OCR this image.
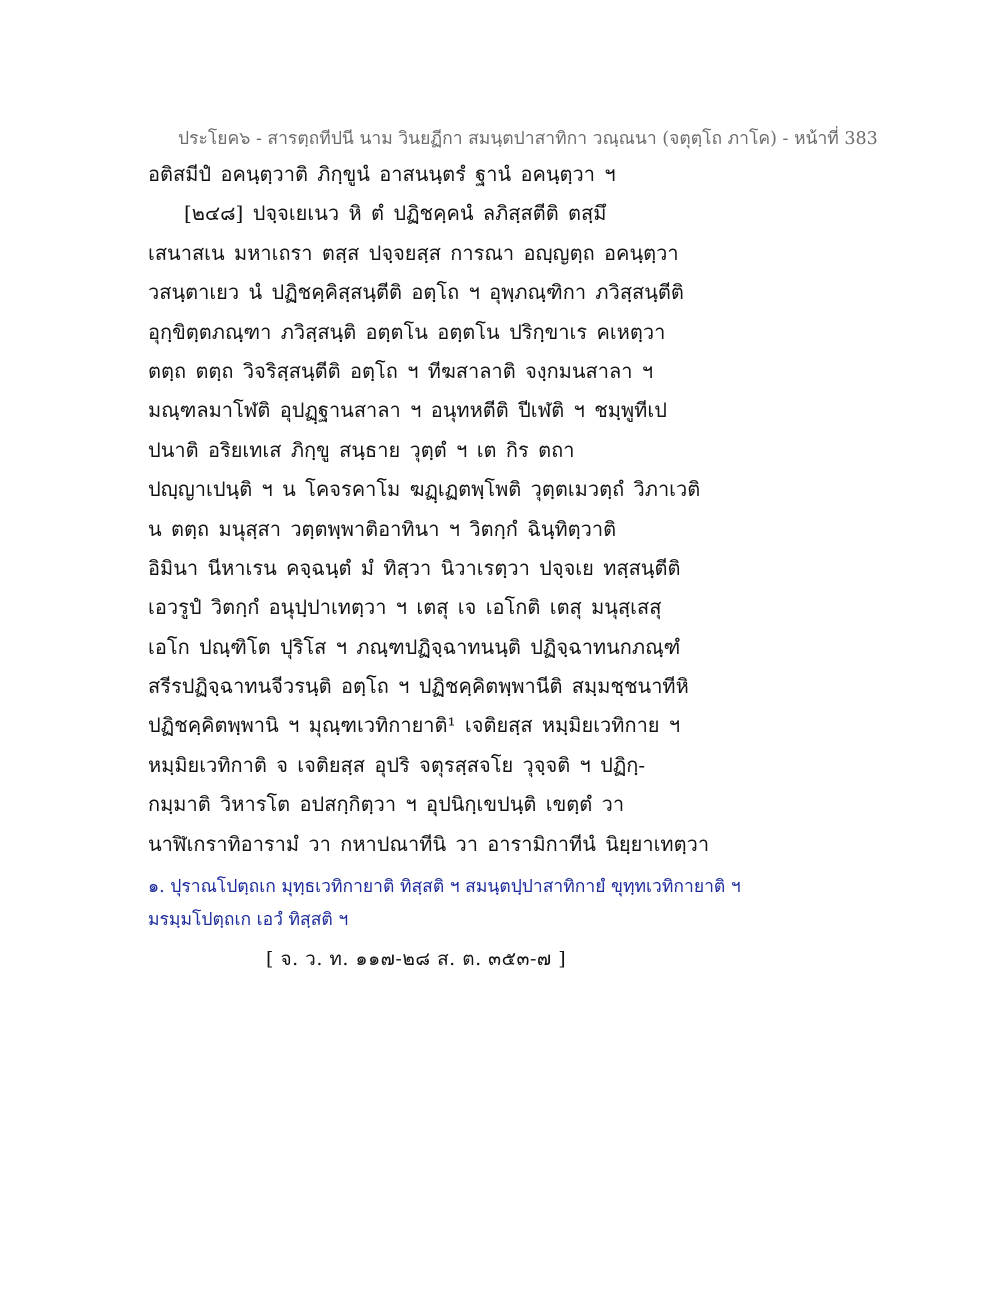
ประโยค๖ - สารตฺถทีปนี นาม วินยฏีกา สมนฺตปาสาทิกา วณฺณนา (จตุตฺโถ ภาโค) - หน้าที่ 383
อติสมีปํ อคนฺตฺวาติ ภิกฺขูนํ อาสนนฺตรํ ฐานํ อคนฺตฺวา ฯ
[๒๔๘] ปจฺจเยเนว หิ ตํ ปฏิชคฺคนํ ลภิสฺสตีติ ตสฺมึ
เสนาสเน มหาเถรา ตสฺส ปจฺจยสฺส การณา อญฺญตฺถ อคนฺตฺวา
วสนฺตาเยว นํ ปฏิชคฺคิสฺสนฺตีติ อตฺโถ ฯ อุพฺภณฺฑิกา ภวิสฺสนฺตีติ
อุกฺขิตฺตภณฺฑา ภวิสฺสนฺติ อตฺตโน อตฺตโน ปริกฺขาเร คเหตฺวา
ตตฺถ ตตฺถ วิจริสฺสนฺตีติ อตฺโถ ฯ ทีฆสาลาติ จงฺกมนสาลา ฯ
มณฺฑลมาโฬติ อุปฏฺฐานสาลา ฯ อนุทหตีติ ปีเฬติ ฯ ชมฺพูทีเป
ปนาติ อริยเทเส ภิกฺขู สนฺธาย วุตฺตํ ฯ เต กิร ตถา
ปญฺญาเปนฺติ ฯ น โคจรคาโม ฆฏฺเฏตพฺโพติ วุตฺตเมวตฺถํ วิภาเวติ
น ตตฺถ มนุสฺสา วตฺตพฺพาติอาทินา ฯ วิตกฺกํ ฉินฺทิตฺวาติ
อิมินา นีหาเรน คจฺฉนฺตํ มํ ทิสฺวา นิวาเรตฺวา ปจฺจเย ทสฺสนฺตีติ
เอวรูปํ วิตกฺกํ อนุปฺปาเทตฺวา ฯ เตสุ เจ เอโกติ เตสุ มนุสฺเสสุ
เอโก ปณฺฑิโต ปุริโส ฯ ภณฺฑปฏิจฺฉาทนนฺติ ปฏิจฺฉาทนกภณฺฑํ
สรีรปฏิจฺฉาทนจีวรนฺติ อตฺโถ ฯ ปฏิชคฺคิตพฺพานีติ สมฺมชฺชนาทีหิ
ปฏิชคฺคิตพฺพานิ ฯ มุณฺฑเวทิกายาติ¹ เจติยสฺส หมฺมิยเวทิกาย ฯ
หมฺมิยเวทิกาติ จ เจติยสฺส อุปริ จตุรสฺสจโย วุจฺจติ ฯ ปฏิกฺ-
กมฺมาติ วิหารโต อปสกฺกิตฺวา ฯ อุปนิกฺเขปนฺติ เขตฺตํ วา
นาฬิเกราทิอารามํ วา กหาปณาทีนิ วา อารามิกาทีนํ นิยฺยาเทตฺวา
๑. ปุราณโปตฺถเก มุทฺธเวทิกายาติ ทิสฺสติ ฯ สมนฺตปฺปาสาทิกายํ ขุทฺทเวทิกายาติ ฯ
มรมฺมโปตฺถเก เอวํ ทิสฺสติ ฯ
[ จ. ว. ท. ๑๑๗-๒๘ ส. ต. ๓๕๓-๗ ]
